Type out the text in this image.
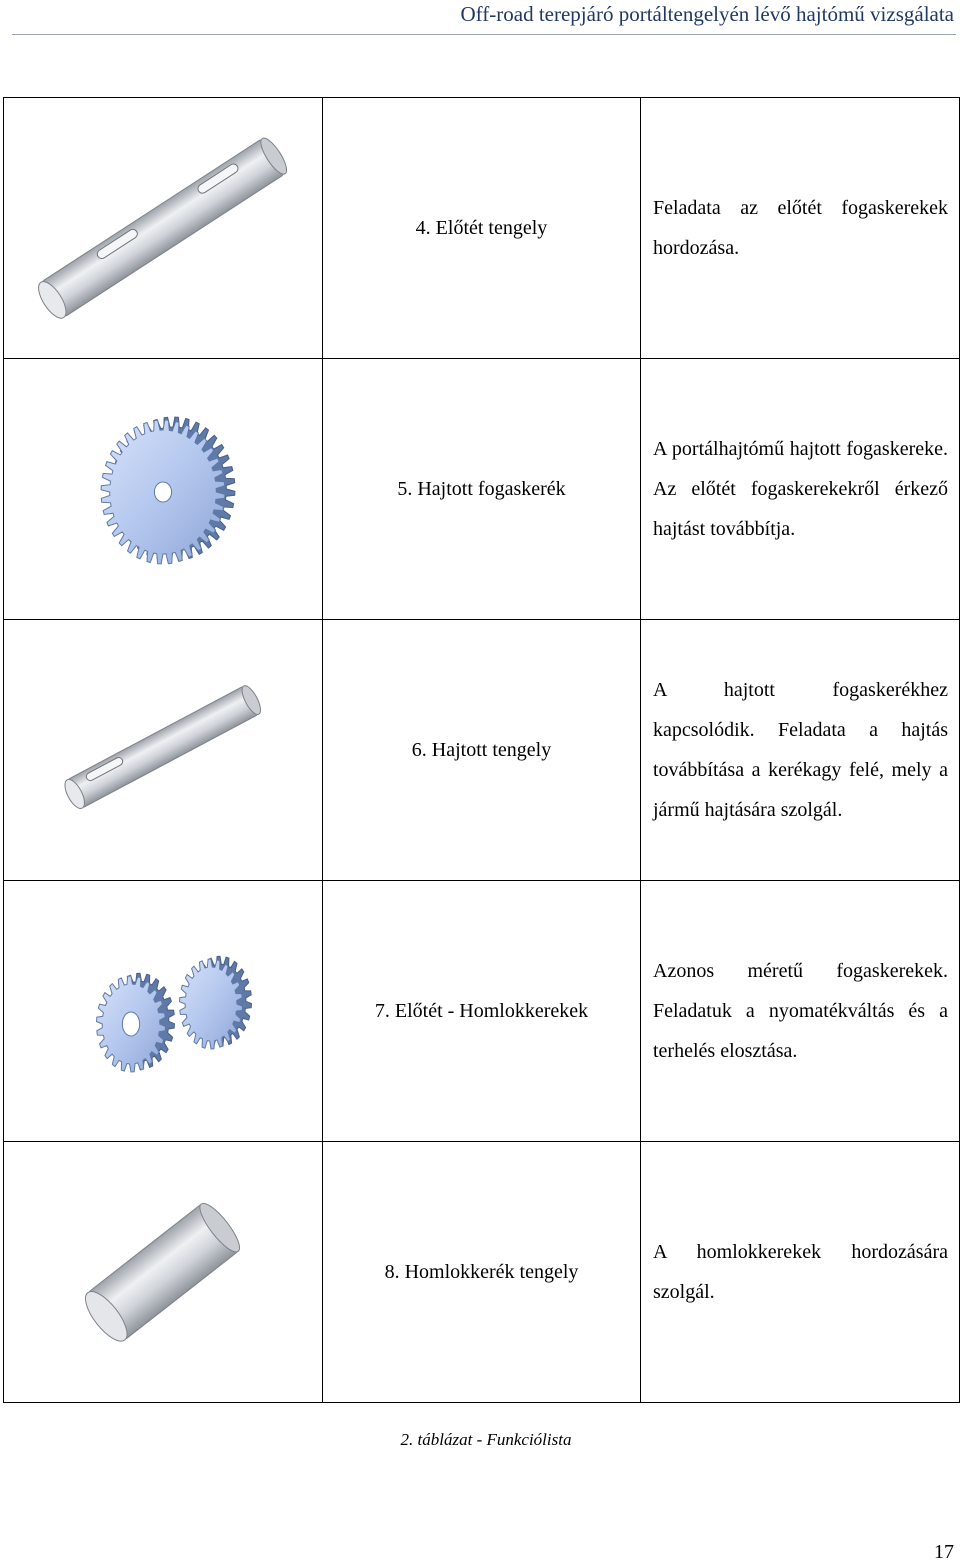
Off-road terepjáró portáltengelyén lévő hajtómű vizsgálata
	4. Előtét tengely	Feladata az előtét fogaskerekek hordozása.

	5. Hajtott fogaskerék	A portálhajtómű hajtott fogaskereke. Az előtét fogaskerekekről érkező hajtást továbbítja.

	6. Hajtott tengely	A hajtott fogaskerékhez kapcsolódik. Feladata a hajtás továbbítása a kerékagy felé, mely a jármű hajtására szolgál.

	7. Előtét - Homlokkerekek	Azonos méretű fogaskerekek. Feladatuk a nyomatékváltás és a terhelés elosztása.

	8. Homlokkerék tengely	A homlokkerekek hordozására szolgál.
2. táblázat - Funkciólista
17
